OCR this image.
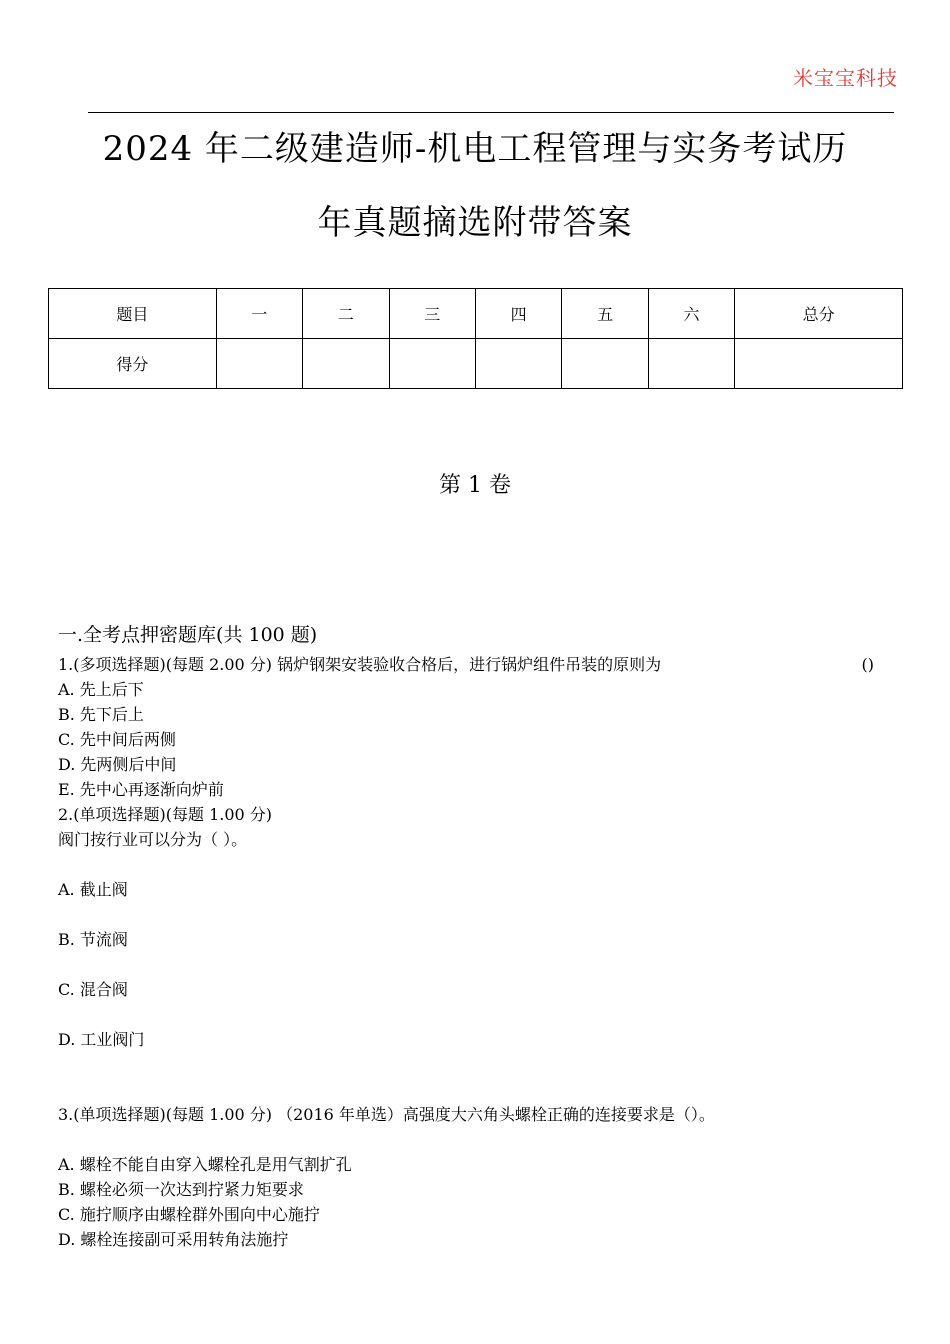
米宝宝科技
2024 年二级建造师-机电工程管理与实务考试历
年真题摘选附带答案
题目	一	二	三	四	五	六	总分
得分							
第 1 卷
一.全考点押密题库(共 100 题)
1.(多项选择题)(每题 2.00 分) 锅炉钢架安装验收合格后，进行锅炉组件吊装的原则为	()
A. 先上后下
B. 先下后上
C. 先中间后两侧
D. 先两侧后中间
E. 先中心再逐渐向炉前
2.(单项选择题)(每题 1.00 分)
阀门按行业可以分为（ ）。
A. 截止阀
B. 节流阀
C. 混合阀
D. 工业阀门
3.(单项选择题)(每题 1.00 分) （2016 年单选）高强度大六角头螺栓正确的连接要求是（）。
A. 螺栓不能自由穿入螺栓孔是用气割扩孔
B. 螺栓必须一次达到拧紧力矩要求
C. 施拧顺序由螺栓群外围向中心施拧
D. 螺栓连接副可采用转角法施拧
